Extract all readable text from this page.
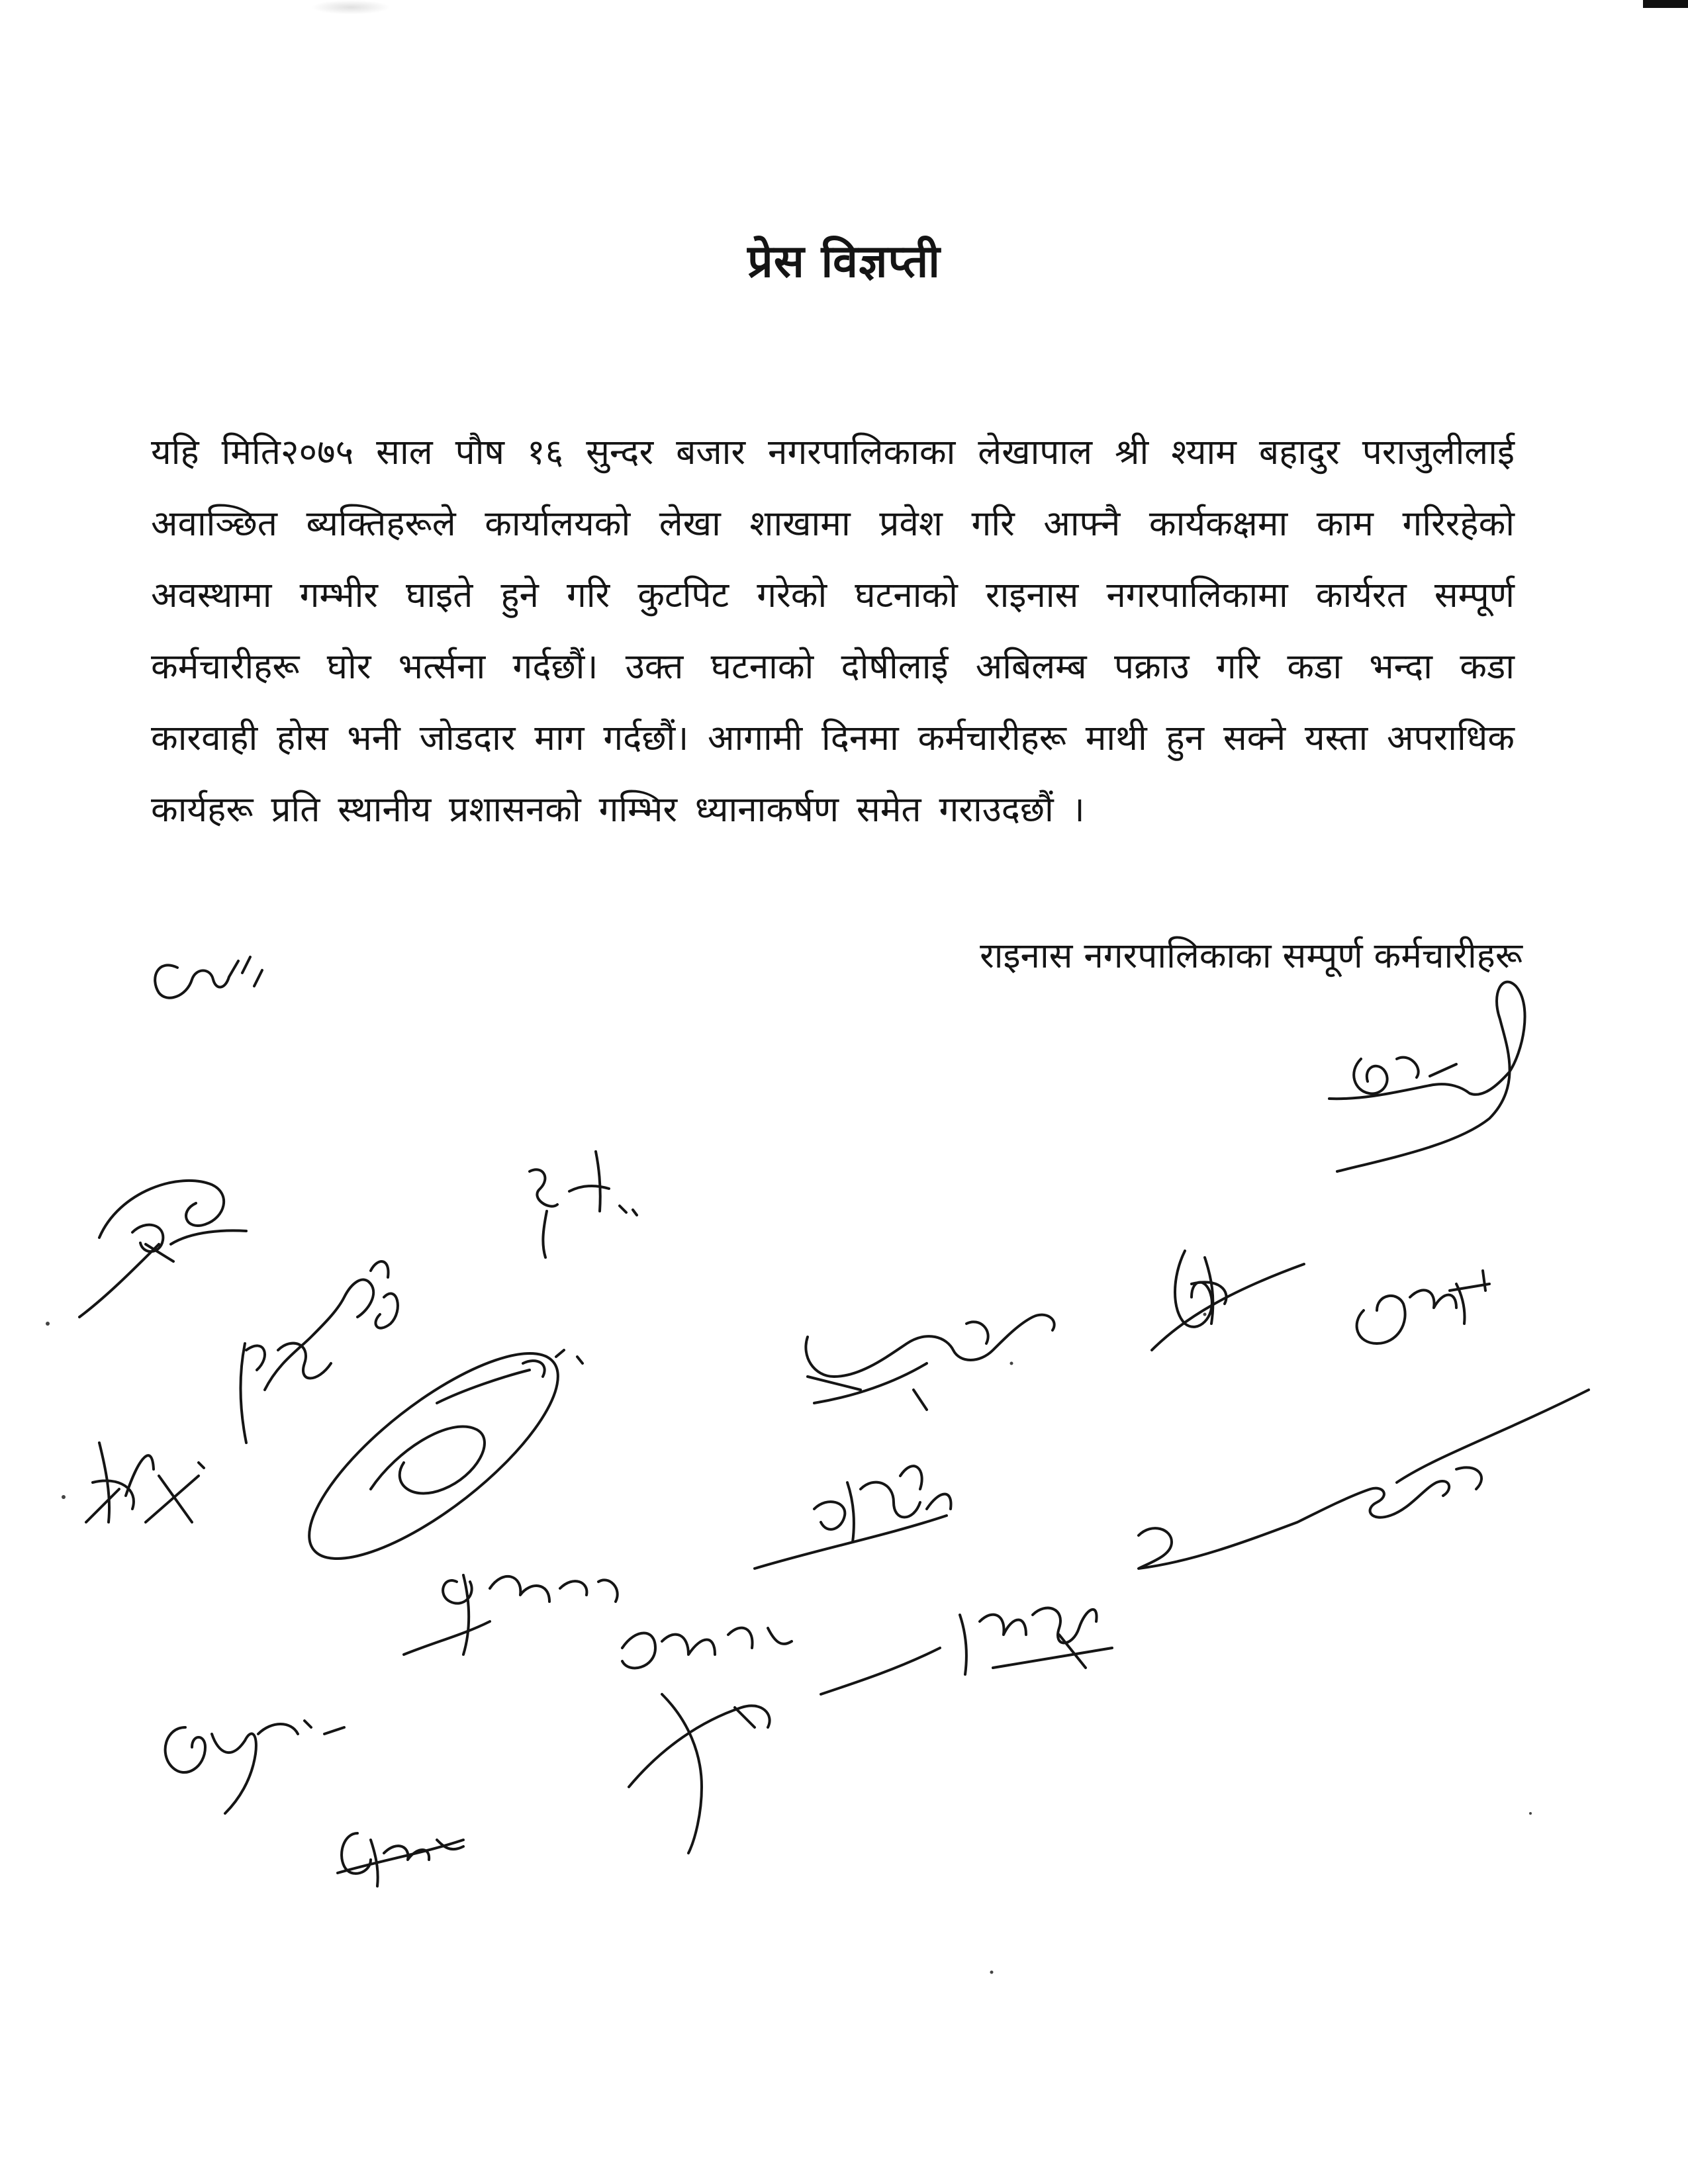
प्रेस विज्ञप्ती

यहि मिति२०७५ साल पौष १६ सुन्दर बजार नगरपालिकाका लेखापाल श्री श्याम बहादुर पराजुलीलाई अवाञ्छित ब्यक्तिहरूले कार्यालयको लेखा शाखामा प्रवेश गरि आफ्नै कार्यकक्षमा काम गरिरहेको अवस्थामा गम्भीर घाइते हुने गरि कुटपिट गरेको घटनाको राइनास नगरपालिकामा कार्यरत सम्पूर्ण कर्मचारीहरू घोर भर्त्सना गर्दछौं। उक्त घटनाको दोषीलाई अबिलम्ब पक्राउ गरि कडा भन्दा कडा कारवाही होस भनी जोडदार माग गर्दछौं। आगामी दिनमा कर्मचारीहरू माथी हुन सक्ने यस्ता अपराधिक कार्यहरू प्रति स्थानीय प्रशासनको गम्भिर ध्यानाकर्षण समेत गराउदछौं ।

राइनास नगरपालिकाका सम्पूर्ण कर्मचारीहरू
